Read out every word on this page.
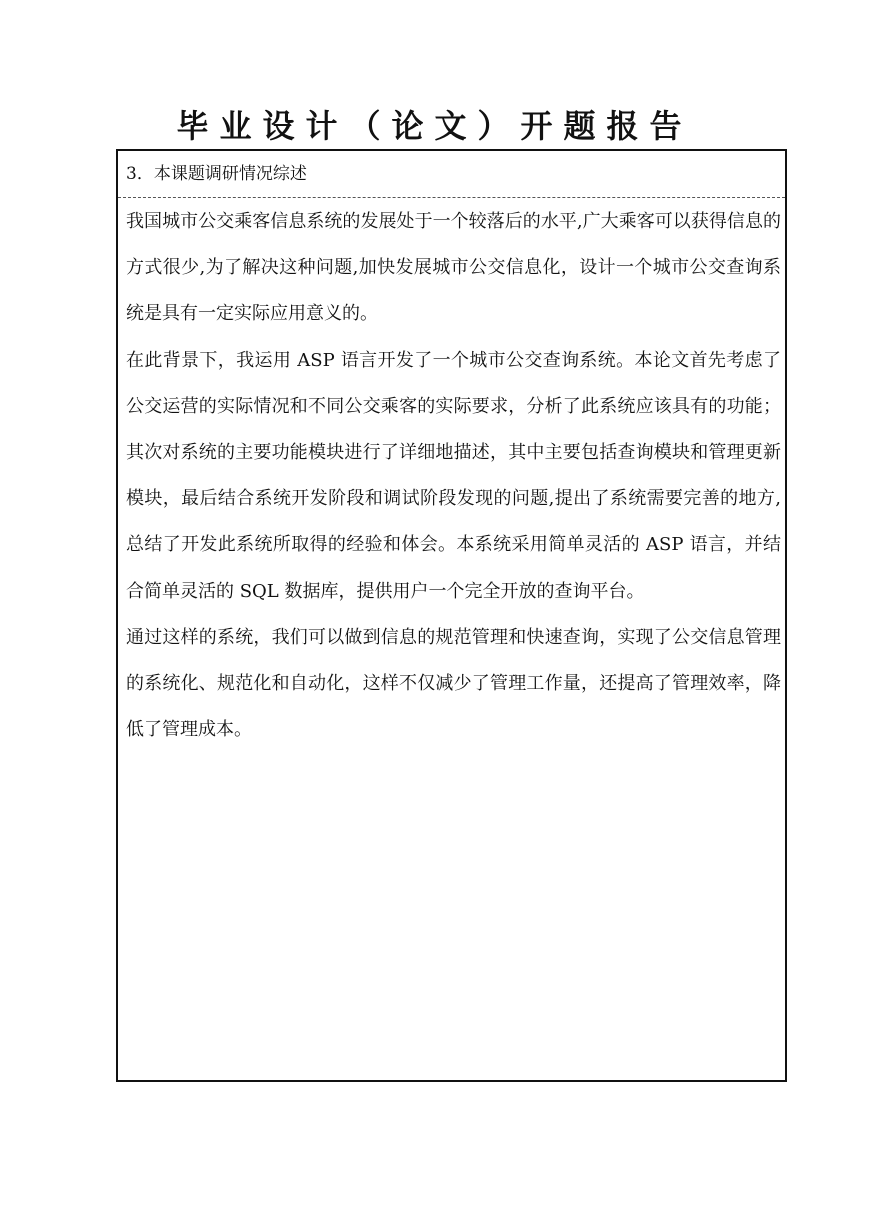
毕业设计（论文）开题报告
3．本课题调研情况综述

我国城市公交乘客信息系统的发展处于一个较落后的水平,广大乘客可以获得信息的方式很少,为了解决这种问题,加快发展城市公交信息化，设计一个城市公交查询系统是具有一定实际应用意义的。

在此背景下，我运用 ASP 语言开发了一个城市公交查询系统。本论文首先考虑了公交运营的实际情况和不同公交乘客的实际要求，分析了此系统应该具有的功能；其次对系统的主要功能模块进行了详细地描述，其中主要包括查询模块和管理更新模块，最后结合系统开发阶段和调试阶段发现的问题,提出了系统需要完善的地方,总结了开发此系统所取得的经验和体会。本系统采用简单灵活的 ASP 语言，并结合简单灵活的 SQL 数据库，提供用户一个完全开放的查询平台。

通过这样的系统，我们可以做到信息的规范管理和快速查询，实现了公交信息管理的系统化、规范化和自动化，这样不仅减少了管理工作量，还提高了管理效率，降低了管理成本。
